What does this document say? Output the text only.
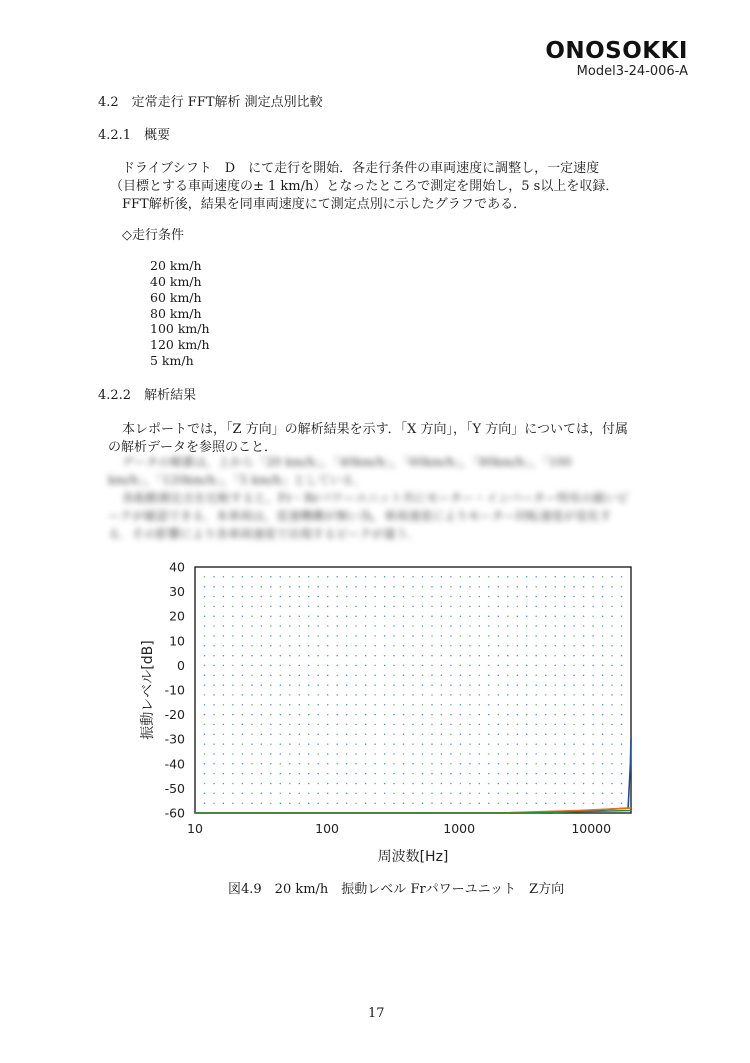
ONOSOKKI
Model3-24-006-A
4.2　定常走行 FFT解析 測定点別比較
4.2.1　概要
ドライブシフト　D　にて走行を開始．各走行条件の車両速度に調整し，一定速度
（目標とする車両速度の± 1 km/h）となったところで測定を開始し，5 s以上を収録．
FFT解析後，結果を同車両速度にて測定点別に示したグラフである．
◇走行条件
20 km/h
40 km/h
60 km/h
80 km/h
100 km/h
120 km/h
5 km/h
4.2.2　解析結果
本レポートでは，「Z 方向」の解析結果を示す．「X 方向」，「Y 方向」については，付属
の解析データを参照のこと．
データの順番は，上から「20 km/h」，「40km/h」，「60km/h」，「80km/h」，「100
km/h」，「120km/h」，「5 km/h」としている．
各振動測定点を比較すると，Fr・Rrパワーユニット共にモーター・インバーター特有の鋭いピ
ークが確認できる．本車両は，変速機構が無い為，車両速度によりモーター回転速度が変化す
る．その影響により各車両速度で出現するピークが違う．
40
30
20
10
0
-10
-20
-30
-40
-50
-60
10	100	1000	10000
周波数[Hz]
振動レベル[dB]
図4.9　20 km/h　振動レベル Frパワーユニット　Z方向
17
